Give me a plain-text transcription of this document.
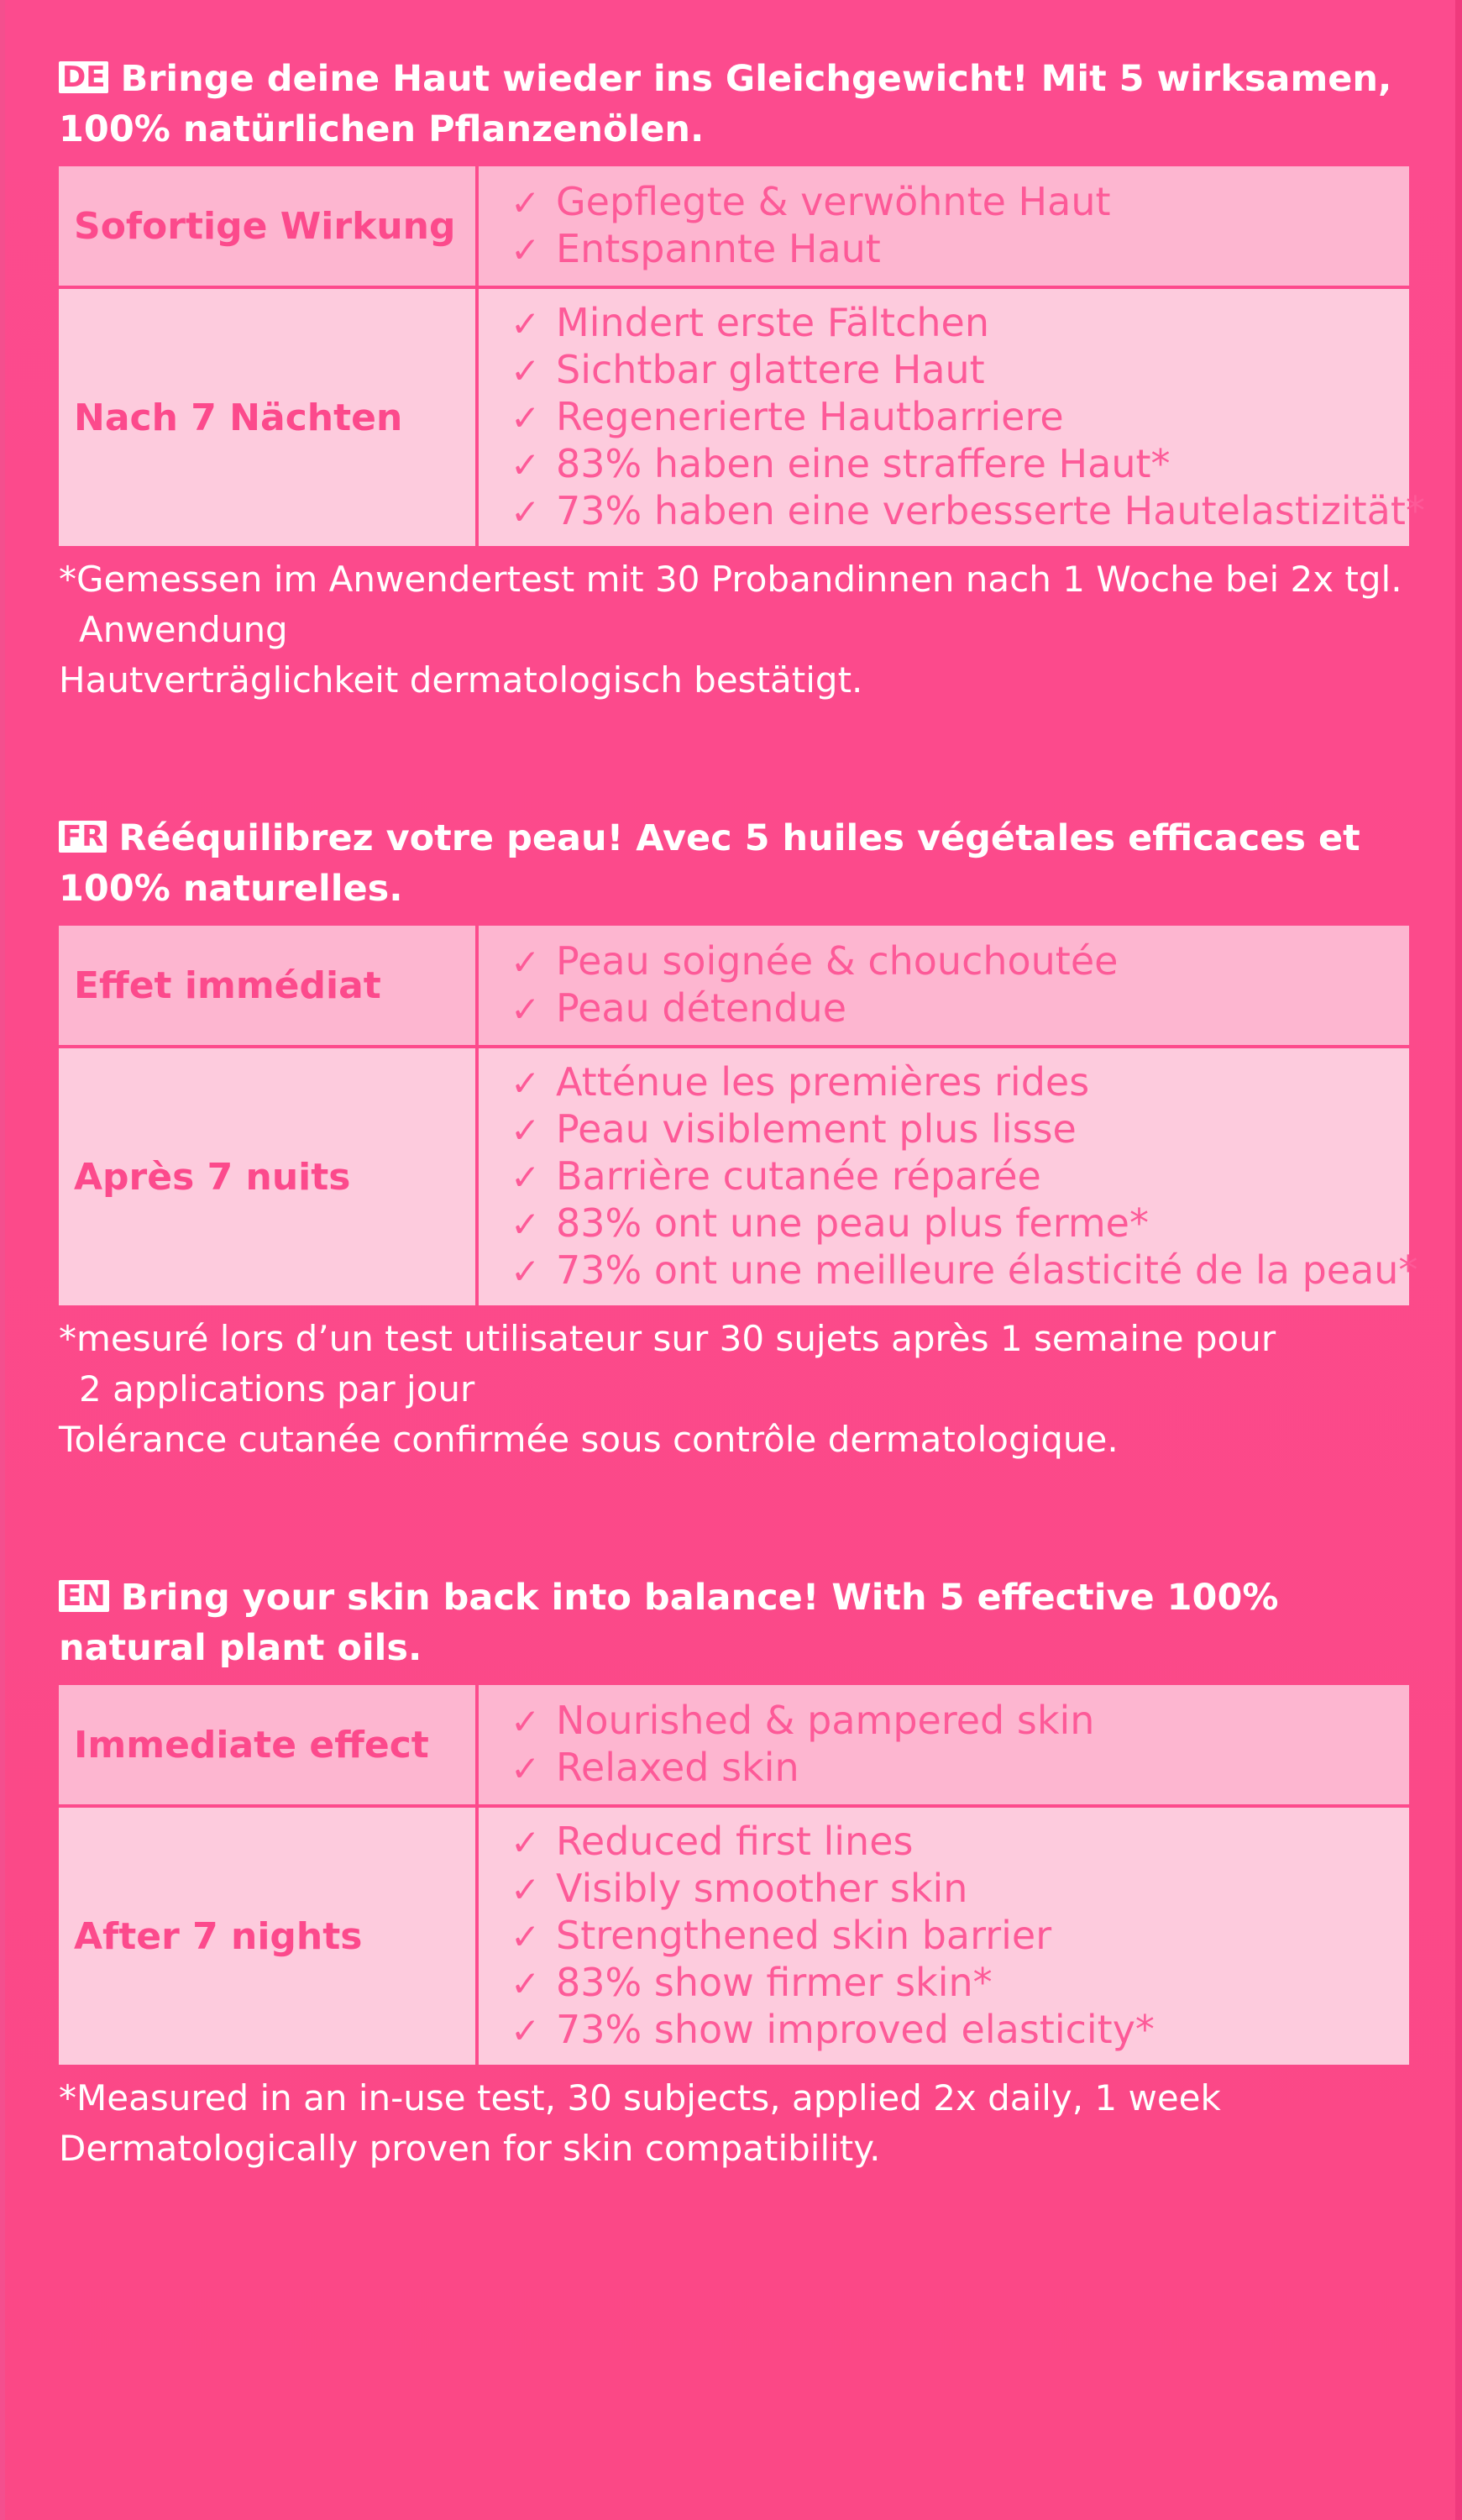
DE Bringe deine Haut wieder ins Gleichgewicht! Mit 5 wirksamen, 100% natürlichen Pflanzenölen.

Sofortige Wirkung
✓ Gepflegte & verwöhnte Haut
✓ Entspannte Haut
Nach 7 Nächten
✓ Mindert erste Fältchen
✓ Sichtbar glattere Haut
✓ Regenerierte Hautbarriere
✓ 83% haben eine straffere Haut*
✓ 73% haben eine verbesserte Hautelastizität*
*Gemessen im Anwendertest mit 30 Probandinnen nach 1 Woche bei 2x tgl.
Anwendung
Hautverträglichkeit dermatologisch bestätigt.

FR Rééquilibrez votre peau! Avec 5 huiles végétales efficaces et 100% naturelles.

Effet immédiat
✓ Peau soignée & chouchoutée
✓ Peau détendue
Après 7 nuits
✓ Atténue les premières rides
✓ Peau visiblement plus lisse
✓ Barrière cutanée réparée
✓ 83% ont une peau plus ferme*
✓ 73% ont une meilleure élasticité de la peau*
*mesuré lors d’un test utilisateur sur 30 sujets après 1 semaine pour
2 applications par jour
Tolérance cutanée confirmée sous contrôle dermatologique.

EN Bring your skin back into balance! With 5 effective 100% natural plant oils.

Immediate effect
✓ Nourished & pampered skin
✓ Relaxed skin
After 7 nights
✓ Reduced first lines
✓ Visibly smoother skin
✓ Strengthened skin barrier
✓ 83% show firmer skin*
✓ 73% show improved elasticity*
*Measured in an in-use test, 30 subjects, applied 2x daily, 1 week
Dermatologically proven for skin compatibility.
